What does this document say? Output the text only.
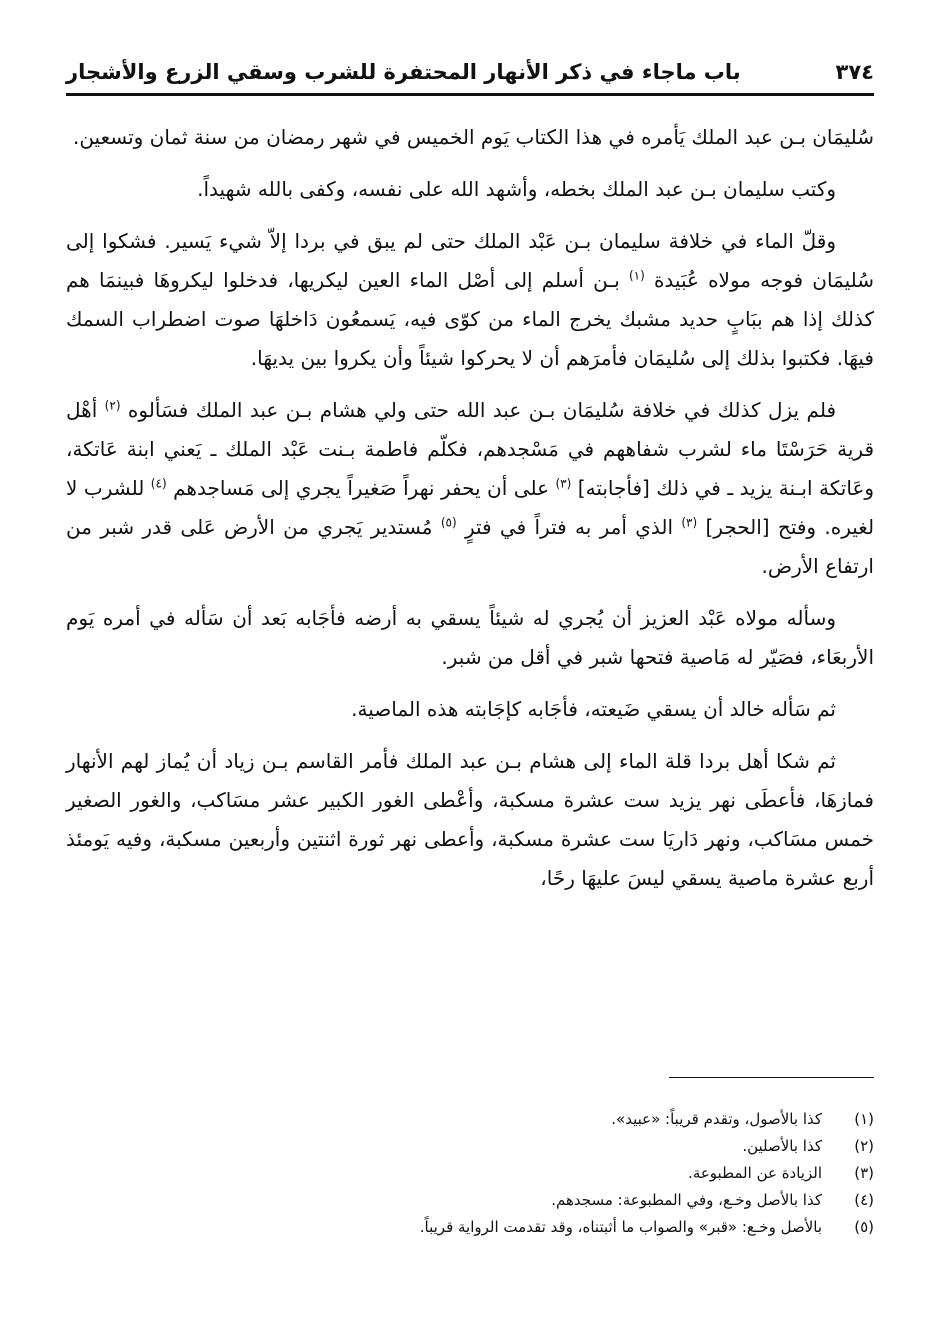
٣٧٤
باب ماجاء في ذكر الأنهار المحتفرة للشرب وسقي الزرع والأشجار

سُليمَان بـن عبد الملك يَأمره في هذا الكتاب يَوم الخميس في شهر رمضان من سنة ثمان وتسعين.

وكتب سليمان بـن عبد الملك بخطه، وأشهد الله على نفسه، وكفى بالله شهيداً.

وقلّ الماء في خلافة سليمان بـن عَبْد الملك حتى لم يبق في بردا إلاّ شيء يَسير. فشكوا إلى سُليمَان فوجه مولاه عُبَيدة $^{(١)}$ بـن أسلم إلى أصْل الماء العين ليكريها، فدخلوا ليكروهَا فبينمَا هم كذلك إذا هم ببَابٍ حديد مشبك يخرج الماء من كوّى فيه، يَسمعُون دَاخلهَا صوت اضطراب السمك فيهَا. فكتبوا بذلك إلى سُليمَان فأمرَهم أن لا يحركوا شيئاً وأن يكروا بين يديهَا.

فلم يزل كذلك في خلافة سُليمَان بـن عبد الله حتى ولي هشام بـن عبد الملك فسَألوه $^{(٢)}$ أهْل قرية حَرَسْتَا ماء لشرب شفاههم في مَسْجدهم، فكلّم فاطمة بـنت عَبْد الملك ـ يَعني ابنة عَاتكة، وعَاتكة ابـنة يزيد ـ في ذلك [فأجابته] $^{(٣)}$ على أن يحفر نهراً صَغيراً يجري إلى مَساجدهم $^{(٤)}$ للشرب لا لغيره. وفتح [الحجر] $^{(٣)}$ الذي أمر به فتراً في فترٍ $^{(٥)}$ مُستدير يَجري من الأرض عَلى قدر شبر من ارتفاع الأرض.

وسأله مولاه عَبْد العزيز أن يُجري له شيئاً يسقي به أرضه فأجَابه بَعد أن سَأله في أمره يَوم الأربعَاء، فصَيّر له مَاصية فتحها شبر في أقل من شبر.

ثم سَأله خالد أن يسقي ضَيعته، فأجَابه كإجَابته هذه الماصية.

ثم شكا أهل بردا قلة الماء إلى هشام بـن عبد الملك فأمر القاسم بـن زياد أن يُماز لهم الأنهار فمازهَا، فأعطَى نهر يزيد ست عشرة مسكبة، وأعْطى الغور الكبير عشر مسَاكب، والغور الصغير خمس مسَاكب، ونهر دَاريَا ست عشرة مسكبة، وأعطى نهر ثورة اثنتين وأربعين مسكبة، وفيه يَومئذ أربع عشرة ماصية يسقي ليسَ عليهَا رحًا،

(١)
كذا بالأصول، وتقدم قريباً: «عبيد».
(٢)
كذا بالأصلين.
(٣)
الزيادة عن المطبوعة.
(٤)
كذا بالأصل وخـع، وفي المطبوعة: مسجدهم.
(٥)
بالأصل وخـع: «قبر» والصواب ما أثبتناه، وقد تقدمت الرواية قريباً.
